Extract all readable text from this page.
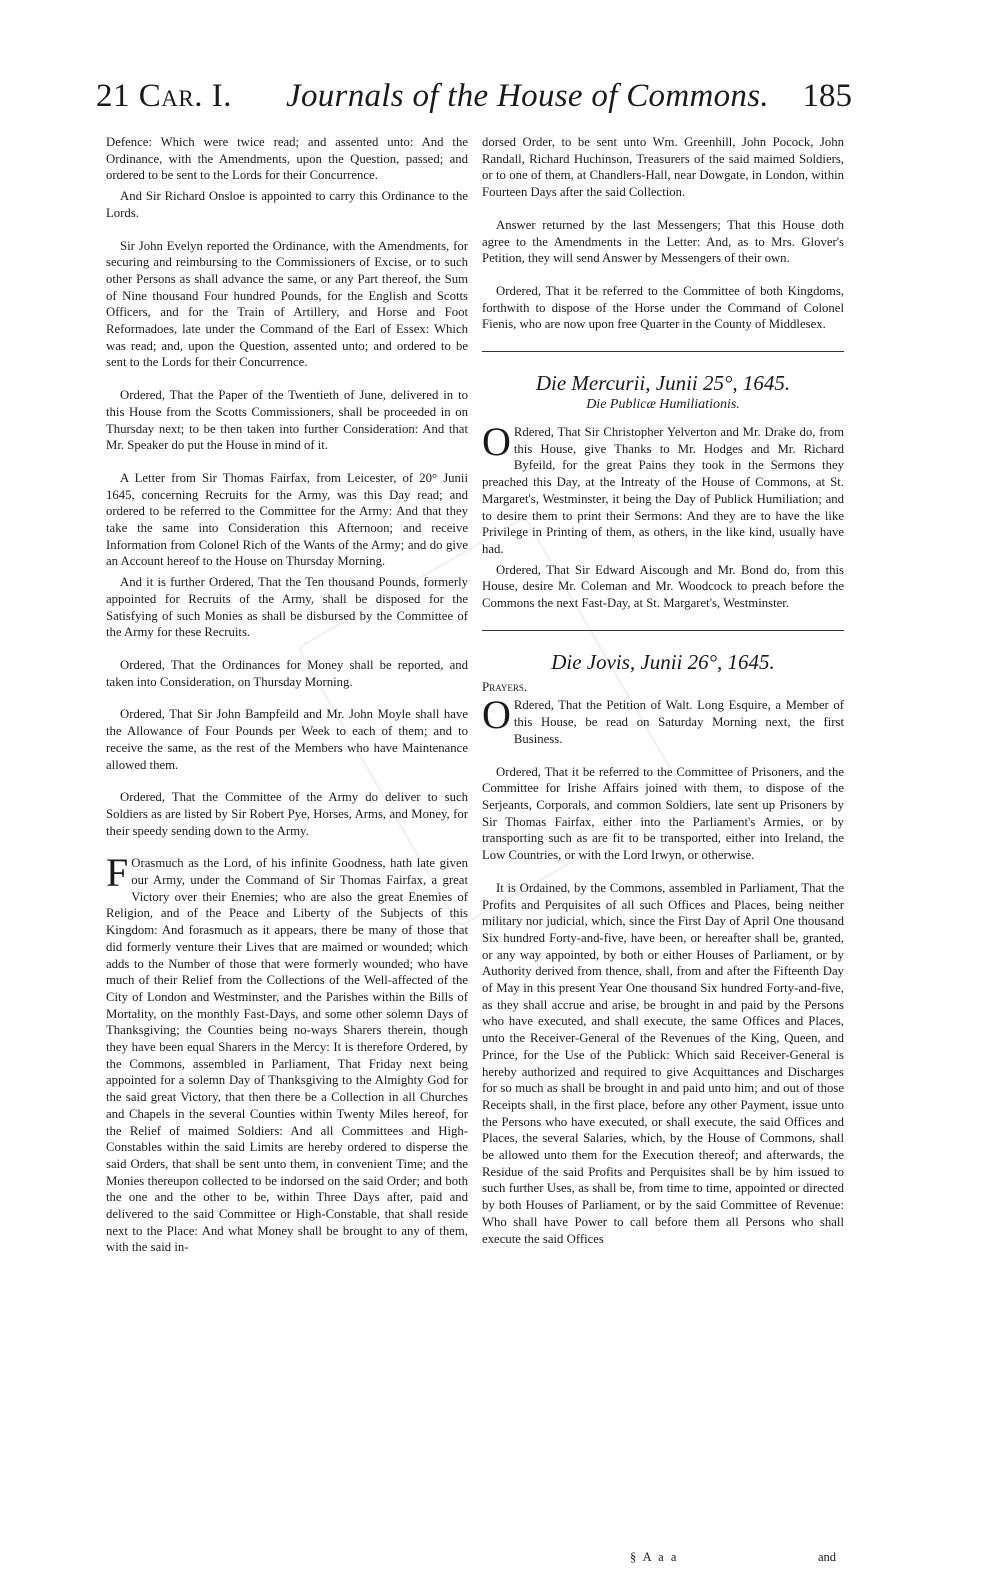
21 Car. I. Journals of the House of Commons. 185

Defence: Which were twice read; and assented unto: And the Ordinance, with the Amendments, upon the Question, passed; and ordered to be sent to the Lords for their Concurrence.

And Sir Richard Onsloe is appointed to carry this Ordinance to the Lords.

Sir John Evelyn reported the Ordinance, with the Amendments, for securing and reimbursing to the Commissioners of Excise, or to such other Persons as shall advance the same, or any Part thereof, the Sum of Nine thousand Four hundred Pounds, for the English and Scotts Officers, and for the Train of Artillery, and Horse and Foot Reformadoes, late under the Command of the Earl of Essex: Which was read; and, upon the Question, assented unto; and ordered to be sent to the Lords for their Concurrence.

Ordered, That the Paper of the Twentieth of June, delivered in to this House from the Scotts Commissioners, shall be proceeded in on Thursday next; to be then taken into further Consideration: And that Mr. Speaker do put the House in mind of it.

A Letter from Sir Thomas Fairfax, from Leicester, of 20° Junii 1645, concerning Recruits for the Army, was this Day read; and ordered to be referred to the Committee for the Army: And that they take the same into Consideration this Afternoon; and receive Information from Colonel Rich of the Wants of the Army; and do give an Account hereof to the House on Thursday Morning.

And it is further Ordered, That the Ten thousand Pounds, formerly appointed for Recruits of the Army, shall be disposed for the Satisfying of such Monies as shall be disbursed by the Committee of the Army for these Recruits.

Ordered, That the Ordinances for Money shall be reported, and taken into Consideration, on Thursday Morning.

Ordered, That Sir John Bampfeild and Mr. John Moyle shall have the Allowance of Four Pounds per Week to each of them; and to receive the same, as the rest of the Members who have Maintenance allowed them.

Ordered, That the Committee of the Army do deliver to such Soldiers as are listed by Sir Robert Pye, Horses, Arms, and Money, for their speedy sending down to the Army.

F Orasmuch as the Lord, of his infinite Goodness, hath late given our Army, under the Command of Sir Thomas Fairfax, a great Victory over their Enemies; who are also the great Enemies of Religion, and of the Peace and Liberty of the Subjects of this Kingdom: And forasmuch as it appears, there be many of those that did formerly venture their Lives that are maimed or wounded; which adds to the Number of those that were formerly wounded; who have much of their Relief from the Collections of the Well-affected of the City of London and Westminster, and the Parishes within the Bills of Mortality, on the monthly Fast-Days, and some other solemn Days of Thanksgiving; the Counties being no-ways Sharers therein, though they have been equal Sharers in the Mercy: It is therefore Ordered, by the Commons, assembled in Parliament, That Friday next being appointed for a solemn Day of Thanksgiving to the Almighty God for the said great Victory, that then there be a Collection in all Churches and Chapels in the several Counties within Twenty Miles hereof, for the Relief of maimed Soldiers: And all Committees and High-Constables within the said Limits are hereby ordered to disperse the said Orders, that shall be sent unto them, in convenient Time; and the Monies thereupon collected to be indorsed on the said Order; and both the one and the other to be, within Three Days after, paid and delivered to the said Committee or High-Constable, that shall reside next to the Place: And what Money shall be brought to any of them, with the said in-

dorsed Order, to be sent unto Wm. Greenhill, John Pocock, John Randall, Richard Huchinson, Treasurers of the said maimed Soldiers, or to one of them, at Chandlers-Hall, near Dowgate, in London, within Fourteen Days after the said Collection.

Answer returned by the last Messengers; That this House doth agree to the Amendments in the Letter: And, as to Mrs. Glover's Petition, they will send Answer by Messengers of their own.

Ordered, That it be referred to the Committee of both Kingdoms, forthwith to dispose of the Horse under the Command of Colonel Fienis, who are now upon free Quarter in the County of Middlesex.

Die Mercurii, Junii 25°, 1645.
Die Publicæ Humiliationis.

O Rdered, That Sir Christopher Yelverton and Mr. Drake do, from this House, give Thanks to Mr. Hodges and Mr. Richard Byfeild, for the great Pains they took in the Sermons they preached this Day, at the Intreaty of the House of Commons, at St. Margaret's, Westminster, it being the Day of Publick Humiliation; and to desire them to print their Sermons: And they are to have the like Privilege in Printing of them, as others, in the like kind, usually have had.

Ordered, That Sir Edward Aiscough and Mr. Bond do, from this House, desire Mr. Coleman and Mr. Woodcock to preach before the Commons the next Fast-Day, at St. Margaret's, Westminster.

Die Jovis, Junii 26°, 1645.
Prayers.

O Rdered, That the Petition of Walt. Long Esquire, a Member of this House, be read on Saturday Morning next, the first Business.

Ordered, That it be referred to the Committee of Prisoners, and the Committee for Irishe Affairs joined with them, to dispose of the Serjeants, Corporals, and common Soldiers, late sent up Prisoners by Sir Thomas Fairfax, either into the Parliament's Armies, or by transporting such as are fit to be transported, either into Ireland, the Low Countries, or with the Lord Irwyn, or otherwise.

It is Ordained, by the Commons, assembled in Parliament, That the Profits and Perquisites of all such Offices and Places, being neither military nor judicial, which, since the First Day of April One thousand Six hundred Forty-and-five, have been, or hereafter shall be, granted, or any way appointed, by both or either Houses of Parliament, or by Authority derived from thence, shall, from and after the Fifteenth Day of May in this present Year One thousand Six hundred Forty-and-five, as they shall accrue and arise, be brought in and paid by the Persons who have executed, and shall execute, the same Offices and Places, unto the Receiver-General of the Revenues of the King, Queen, and Prince, for the Use of the Publick: Which said Receiver-General is hereby authorized and required to give Acquittances and Discharges for so much as shall be brought in and paid unto him; and out of those Receipts shall, in the first place, before any other Payment, issue unto the Persons who have executed, or shall execute, the said Offices and Places, the several Salaries, which, by the House of Commons, shall be allowed unto them for the Execution thereof; and afterwards, the Residue of the said Profits and Perquisites shall be by him issued to such further Uses, as shall be, from time to time, appointed or directed by both Houses of Parliament, or by the said Committee of Revenue: Who shall have Power to call before them all Persons who shall execute the said Offices

§ A a a	and
